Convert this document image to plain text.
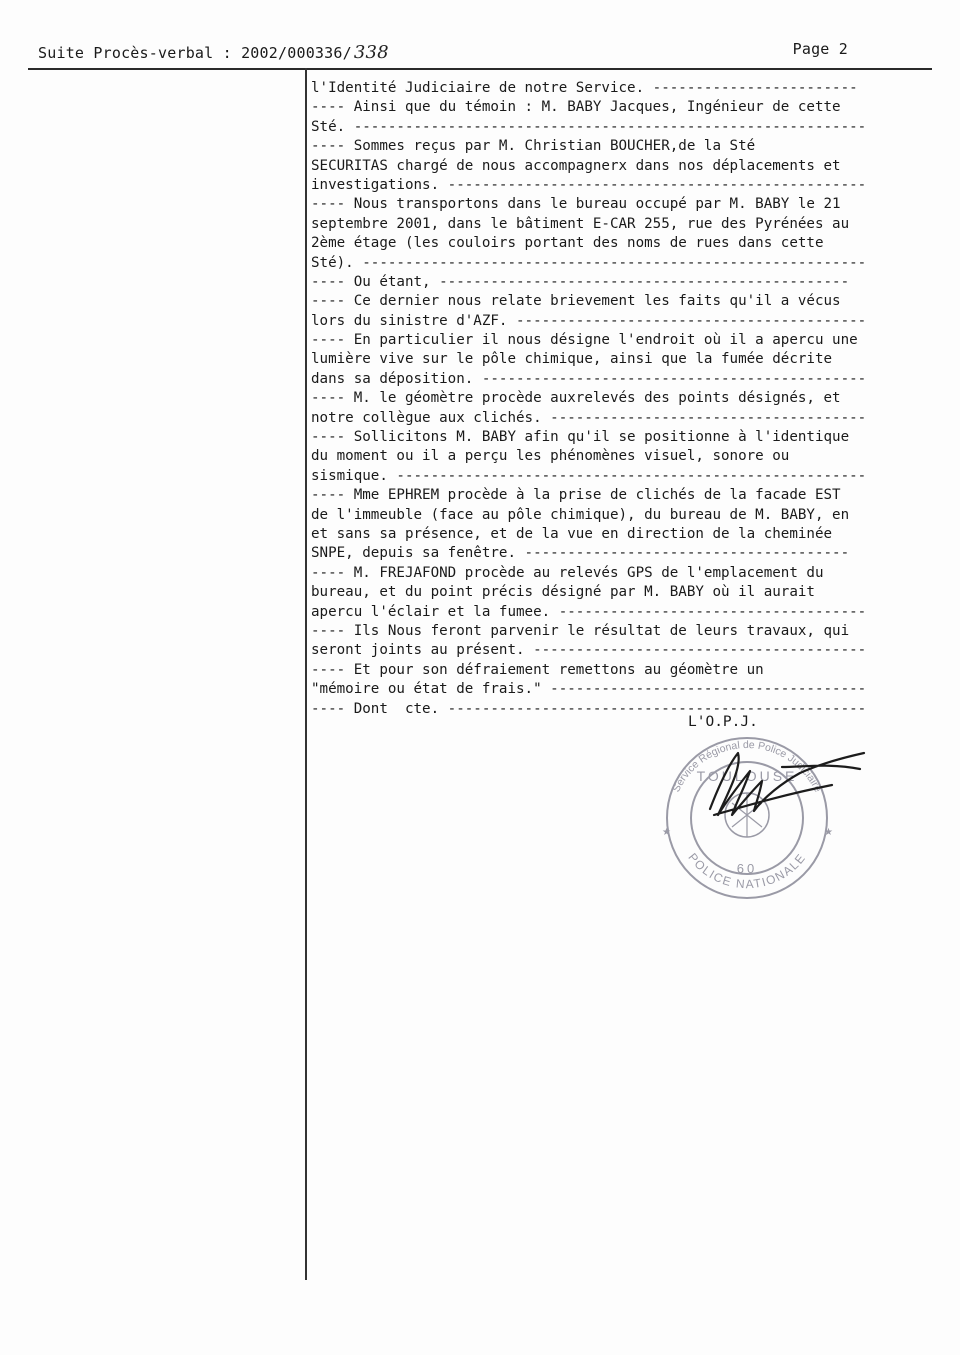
Suite Procès-verbal : 2002/000336/ 338	Page 2
l'Identité Judiciaire de notre Service. ------------------------
---- Ainsi que du témoin : M. BABY Jacques, Ingénieur de cette
Sté. ------------------------------------------------------------
---- Sommes reçus par M. Christian BOUCHER,de la Sté
SECURITAS chargé de nous accompagnerx dans nos déplacements et
investigations. -------------------------------------------------
---- Nous transportons dans le bureau occupé par M. BABY le 21
septembre 2001, dans le bâtiment E-CAR 255, rue des Pyrénées au
2ème étage (les couloirs portant des noms de rues dans cette
Sté). -----------------------------------------------------------
---- Ou étant, ------------------------------------------------
---- Ce dernier nous relate brievement les faits qu'il a vécus
lors du sinistre d'AZF. -----------------------------------------
---- En particulier il nous désigne l'endroit où il a apercu une
lumière vive sur le pôle chimique, ainsi que la fumée décrite
dans sa déposition. ---------------------------------------------
---- M. le géomètre procède auxrelevés des points désignés, et
notre collègue aux clichés. -------------------------------------
---- Sollicitons M. BABY afin qu'il se positionne à l'identique
du moment ou il a perçu les phénomènes visuel, sonore ou
sismique. -------------------------------------------------------
---- Mme EPHREM procède à la prise de clichés de la facade EST
de l'immeuble (face au pôle chimique), du bureau de M. BABY, en
et sans sa présence, et de la vue en direction de la cheminée
SNPE, depuis sa fenêtre. --------------------------------------
---- M. FREJAFOND procède au relevés GPS de l'emplacement du
bureau, et du point précis désigné par M. BABY où il aurait
apercu l'éclair et la fumee. ------------------------------------
---- Ils Nous feront parvenir le résultat de leurs travaux, qui
seront joints au présent. ---------------------------------------
---- Et pour son défraiement remettons au géomètre un
"mémoire ou état de frais." -------------------------------------
---- Dont  cte. -------------------------------------------------
L'O.P.J.
Service Régional de Police Judiciaire
TOULOUSE
POLICE NATIONALE
60
★	★
